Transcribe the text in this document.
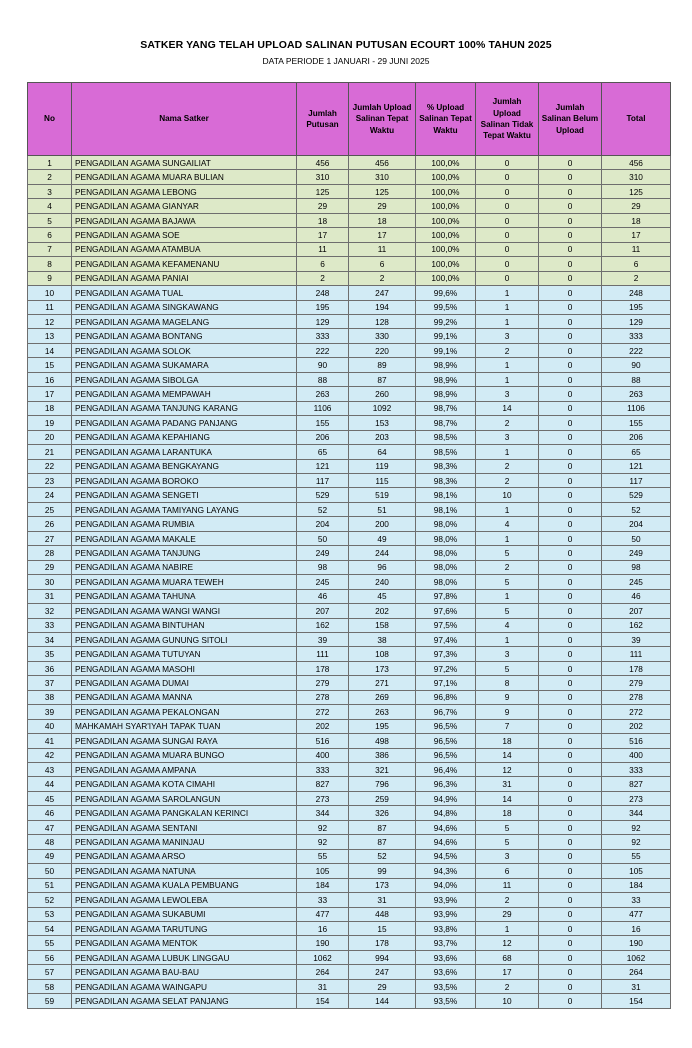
SATKER YANG TELAH UPLOAD SALINAN PUTUSAN ECOURT 100% TAHUN 2025
DATA PERIODE 1 JANUARI - 29 JUNI 2025
No	Nama Satker	Jumlah Putusan	Jumlah Upload Salinan Tepat Waktu	% Upload Salinan Tepat Waktu	Jumlah Upload Salinan Tidak Tepat Waktu	Jumlah Salinan Belum Upload	Total
1	PENGADILAN AGAMA SUNGAILIAT	456	456	100,0%	0	0	456
2	PENGADILAN AGAMA MUARA BULIAN	310	310	100,0%	0	0	310
3	PENGADILAN AGAMA LEBONG	125	125	100,0%	0	0	125
4	PENGADILAN AGAMA GIANYAR	29	29	100,0%	0	0	29
5	PENGADILAN AGAMA BAJAWA	18	18	100,0%	0	0	18
6	PENGADILAN AGAMA SOE	17	17	100,0%	0	0	17
7	PENGADILAN AGAMA ATAMBUA	11	11	100,0%	0	0	11
8	PENGADILAN AGAMA KEFAMENANU	6	6	100,0%	0	0	6
9	PENGADILAN AGAMA PANIAI	2	2	100,0%	0	0	2
10	PENGADILAN AGAMA TUAL	248	247	99,6%	1	0	248
11	PENGADILAN AGAMA SINGKAWANG	195	194	99,5%	1	0	195
12	PENGADILAN AGAMA MAGELANG	129	128	99,2%	1	0	129
13	PENGADILAN AGAMA BONTANG	333	330	99,1%	3	0	333
14	PENGADILAN AGAMA SOLOK	222	220	99,1%	2	0	222
15	PENGADILAN AGAMA SUKAMARA	90	89	98,9%	1	0	90
16	PENGADILAN AGAMA SIBOLGA	88	87	98,9%	1	0	88
17	PENGADILAN AGAMA MEMPAWAH	263	260	98,9%	3	0	263
18	PENGADILAN AGAMA TANJUNG KARANG	1106	1092	98,7%	14	0	1106
19	PENGADILAN AGAMA PADANG PANJANG	155	153	98,7%	2	0	155
20	PENGADILAN AGAMA KEPAHIANG	206	203	98,5%	3	0	206
21	PENGADILAN AGAMA LARANTUKA	65	64	98,5%	1	0	65
22	PENGADILAN AGAMA BENGKAYANG	121	119	98,3%	2	0	121
23	PENGADILAN AGAMA BOROKO	117	115	98,3%	2	0	117
24	PENGADILAN AGAMA SENGETI	529	519	98,1%	10	0	529
25	PENGADILAN AGAMA TAMIYANG LAYANG	52	51	98,1%	1	0	52
26	PENGADILAN AGAMA RUMBIA	204	200	98,0%	4	0	204
27	PENGADILAN AGAMA MAKALE	50	49	98,0%	1	0	50
28	PENGADILAN AGAMA TANJUNG	249	244	98,0%	5	0	249
29	PENGADILAN AGAMA NABIRE	98	96	98,0%	2	0	98
30	PENGADILAN AGAMA MUARA TEWEH	245	240	98,0%	5	0	245
31	PENGADILAN AGAMA TAHUNA	46	45	97,8%	1	0	46
32	PENGADILAN AGAMA WANGI WANGI	207	202	97,6%	5	0	207
33	PENGADILAN AGAMA BINTUHAN	162	158	97,5%	4	0	162
34	PENGADILAN AGAMA GUNUNG SITOLI	39	38	97,4%	1	0	39
35	PENGADILAN AGAMA TUTUYAN	111	108	97,3%	3	0	111
36	PENGADILAN AGAMA MASOHI	178	173	97,2%	5	0	178
37	PENGADILAN AGAMA DUMAI	279	271	97,1%	8	0	279
38	PENGADILAN AGAMA MANNA	278	269	96,8%	9	0	278
39	PENGADILAN AGAMA PEKALONGAN	272	263	96,7%	9	0	272
40	MAHKAMAH SYAR'IYAH TAPAK TUAN	202	195	96,5%	7	0	202
41	PENGADILAN AGAMA SUNGAI RAYA	516	498	96,5%	18	0	516
42	PENGADILAN AGAMA MUARA BUNGO	400	386	96,5%	14	0	400
43	PENGADILAN AGAMA AMPANA	333	321	96,4%	12	0	333
44	PENGADILAN AGAMA KOTA CIMAHI	827	796	96,3%	31	0	827
45	PENGADILAN AGAMA SAROLANGUN	273	259	94,9%	14	0	273
46	PENGADILAN AGAMA PANGKALAN KERINCI	344	326	94,8%	18	0	344
47	PENGADILAN AGAMA SENTANI	92	87	94,6%	5	0	92
48	PENGADILAN AGAMA MANINJAU	92	87	94,6%	5	0	92
49	PENGADILAN AGAMA ARSO	55	52	94,5%	3	0	55
50	PENGADILAN AGAMA NATUNA	105	99	94,3%	6	0	105
51	PENGADILAN AGAMA KUALA PEMBUANG	184	173	94,0%	11	0	184
52	PENGADILAN AGAMA LEWOLEBA	33	31	93,9%	2	0	33
53	PENGADILAN AGAMA SUKABUMI	477	448	93,9%	29	0	477
54	PENGADILAN AGAMA TARUTUNG	16	15	93,8%	1	0	16
55	PENGADILAN AGAMA MENTOK	190	178	93,7%	12	0	190
56	PENGADILAN AGAMA LUBUK LINGGAU	1062	994	93,6%	68	0	1062
57	PENGADILAN AGAMA BAU-BAU	264	247	93,6%	17	0	264
58	PENGADILAN AGAMA WAINGAPU	31	29	93,5%	2	0	31
59	PENGADILAN AGAMA SELAT PANJANG	154	144	93,5%	10	0	154
